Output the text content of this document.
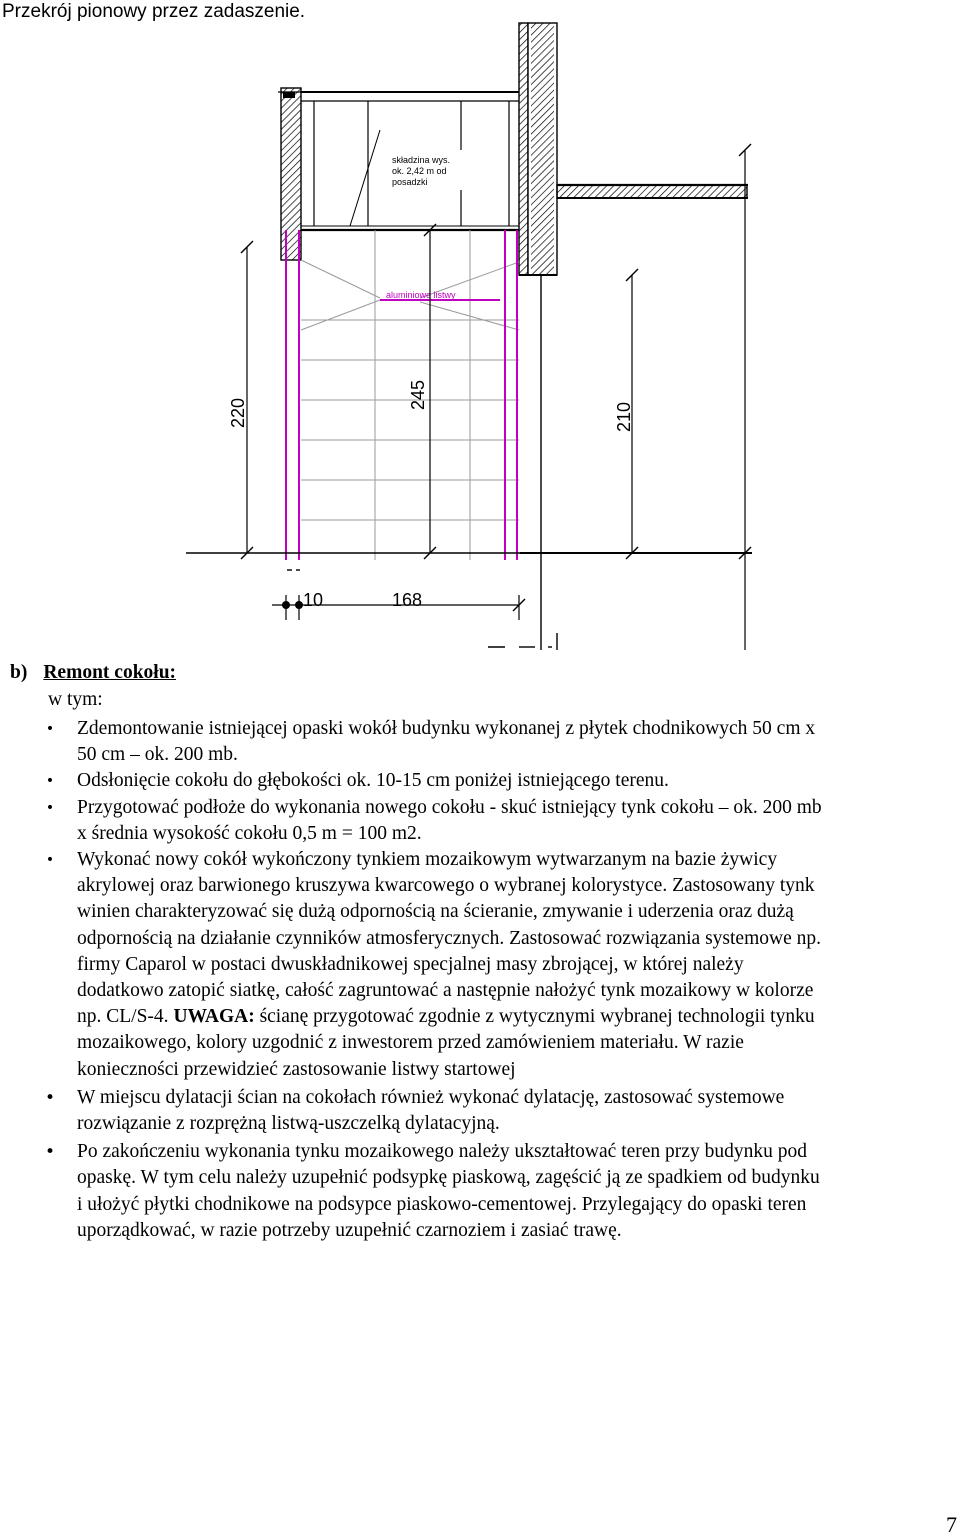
Przekrój pionowy przez zadaszenie.
składzina wys.
ok. 2,42 m od
posadzki
aluminiowe listwy
220
245
210
10	168
b) Remont cokołu:
w tym:
•	Zdemontowanie istniejącej opaski wokół budynku wykonanej z płytek chodnikowych 50 cm x
50 cm – ok. 200 mb.
•	Odsłonięcie cokołu do głębokości ok. 10-15 cm poniżej istniejącego terenu.
•	Przygotować podłoże do wykonania nowego cokołu - skuć istniejący tynk cokołu – ok. 200 mb
x średnia wysokość cokołu 0,5 m = 100 m2.
•	Wykonać nowy cokół wykończony tynkiem mozaikowym wytwarzanym na bazie żywicy

akrylowej oraz barwionego kruszywa kwarcowego o wybranej kolorystyce. Zastosowany tynk

winien charakteryzować się dużą odpornością na ścieranie, zmywanie i uderzenia oraz dużą

odpornością na działanie czynników atmosferycznych. Zastosować rozwiązania systemowe np.

firmy Caparol w postaci dwuskładnikowej specjalnej masy zbrojącej, w której należy

dodatkowo zatopić siatkę, całość zagruntować a następnie nałożyć tynk mozaikowy w kolorze

np. CL/S-4. UWAGA: ścianę przygotować zgodnie z wytycznymi wybranej technologii tynku

mozaikowego, kolory uzgodnić z inwestorem przed zamówieniem materiału. W razie

konieczności przewidzieć zastosowanie listwy startowej

• W miejscu dylatacji ścian na cokołach również wykonać dylatację, zastosować systemowe

rozwiązanie z rozprężną listwą-uszczelką dylatacyjną.

• Po zakończeniu wykonania tynku mozaikowego należy ukształtować teren przy budynku pod

opaskę. W tym celu należy uzupełnić podsypkę piaskową, zagęścić ją ze spadkiem od budynku

i ułożyć płytki chodnikowe na podsypce piaskowo-cementowej. Przylegający do opaski teren

uporządkować, w razie potrzeby uzupełnić czarnoziem i zasiać trawę.

7
